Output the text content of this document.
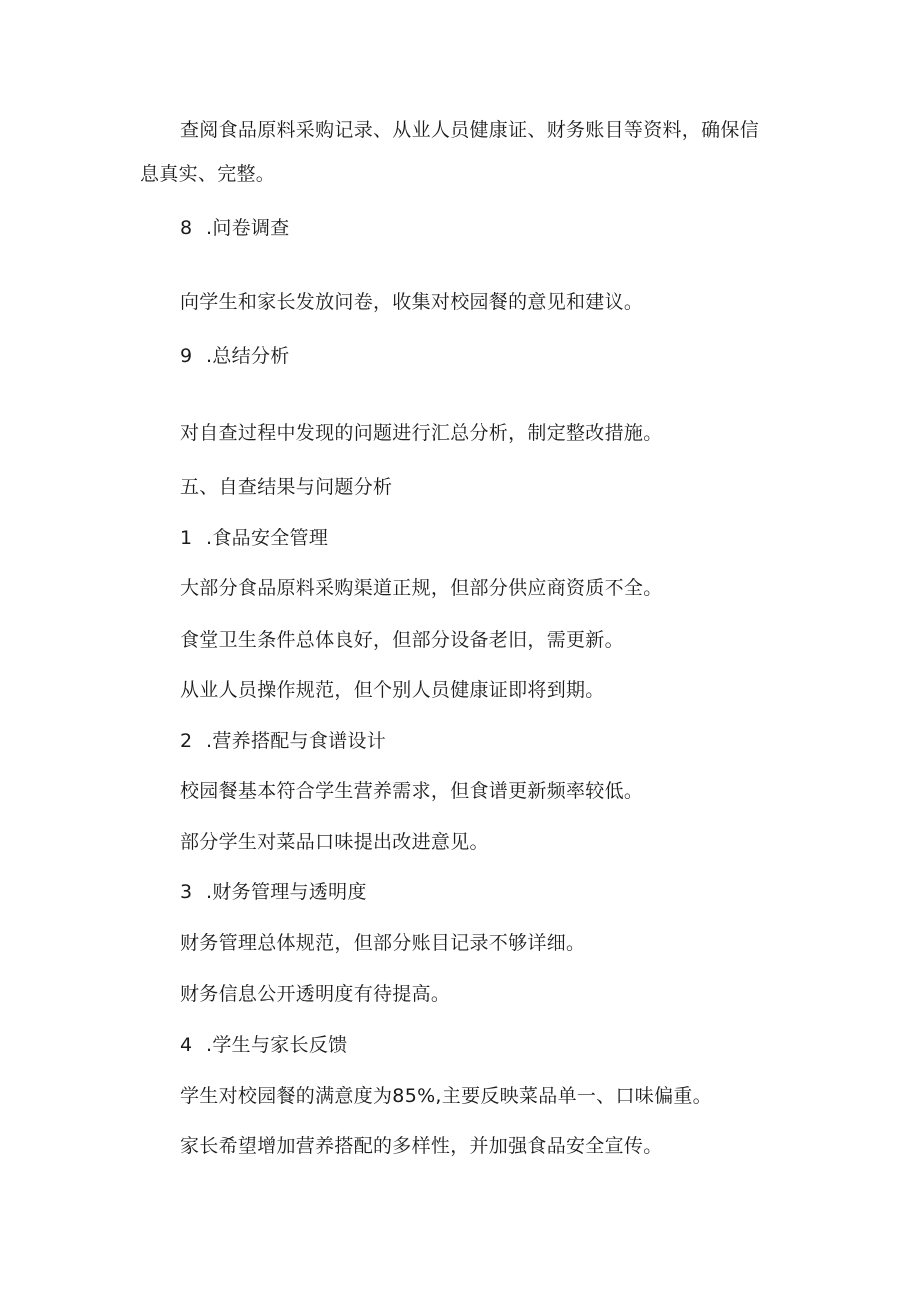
查阅食品原料采购记录、从业人员健康证、财务账目等资料，确保信
息真实、完整。
8 .问卷调查
向学生和家长发放问卷，收集对校园餐的意见和建议。
9 .总结分析
对自查过程中发现的问题进行汇总分析，制定整改措施。
五、自查结果与问题分析
1 .食品安全管理
大部分食品原料采购渠道正规，但部分供应商资质不全。
食堂卫生条件总体良好，但部分设备老旧，需更新。
从业人员操作规范，但个别人员健康证即将到期。
2 .营养搭配与食谱设计
校园餐基本符合学生营养需求，但食谱更新频率较低。
部分学生对菜品口味提出改进意见。
3 .财务管理与透明度
财务管理总体规范，但部分账目记录不够详细。
财务信息公开透明度有待提高。
4 .学生与家长反馈
学生对校园餐的满意度为85%,主要反映菜品单一、口味偏重。
家长希望增加营养搭配的多样性，并加强食品安全宣传。
